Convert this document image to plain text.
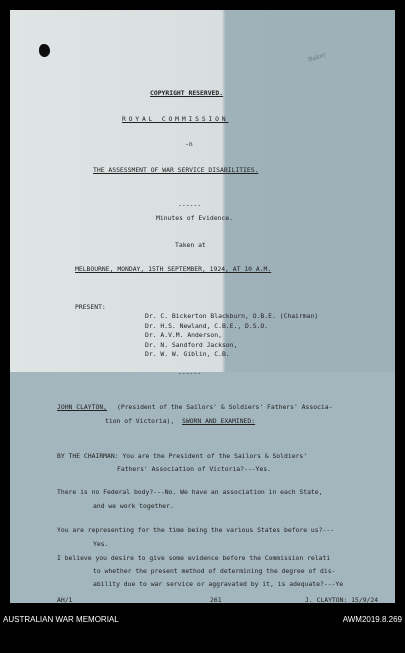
Baker
COPYRIGHT RESERVED.
ROYAL COMMISSION
-n
THE ASSESSMENT OF WAR SERVICE DISABILITIES.
------
Minutes of Evidence.
Taken at
MELBOURNE, MONDAY, 15TH SEPTEMBER, 1924, AT 10 A.M.
PRESENT:
Dr. C. Bickerton Blackburn, O.B.E. (Chairman)
Dr. H.S. Newland, C.B.E., D.S.O.
Dr. A.V.M. Anderson,
Dr. N. Sandford Jackson,
Dr. W. W. Giblin, C.B.
------
JOHN CLAYTON, (President of the Sailors' & Soldiers' Fathers' Associa-
tion of Victoria), SWORN AND EXAMINED:
BY THE CHAIRMAN: You are the President of the Sailors & Soldiers'
Fathers' Association of Victoria?---Yes.
There is no Federal body?---No. We have an association in each State,
and we work together.
You are representing for the time being the various States before us?---
Yes.
I believe you desire to give some evidence before the Commission relati
to whether the present method of determining the degree of dis-
ability due to war service or aggravated by it, is adequate?---Ye
AH/1	261	J. CLAYTON: 15/9/24
AUSTRALIAN WAR MEMORIAL	AWM2019.8.269
